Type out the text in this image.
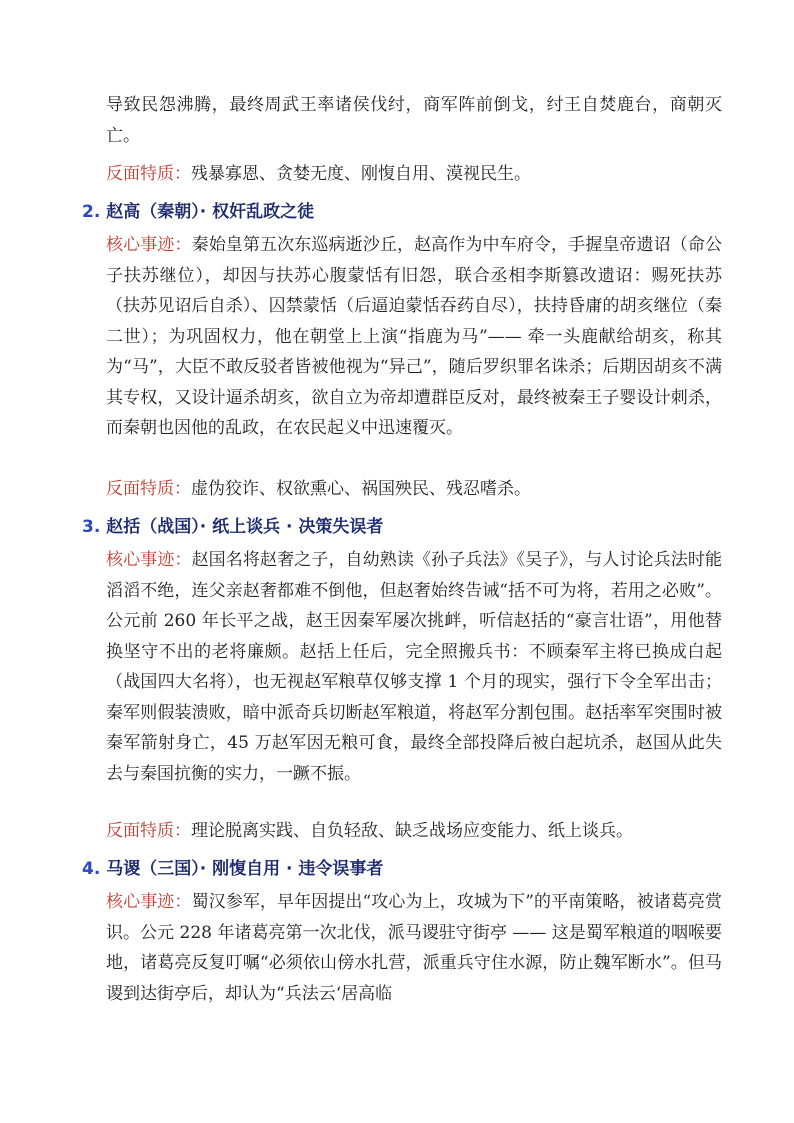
导致民怨沸腾，最终周武王率诸侯伐纣，商军阵前倒戈，纣王自焚鹿台，商朝灭亡。

反面特质：残暴寡恩、贪婪无度、刚愎自用、漠视民生。

2. 赵高（秦朝）· 权奸乱政之徒

核心事迹：秦始皇第五次东巡病逝沙丘，赵高作为中车府令，手握皇帝遗诏（命公子扶苏继位），却因与扶苏心腹蒙恬有旧怨，联合丞相李斯篡改遗诏：赐死扶苏（扶苏见诏后自杀）、囚禁蒙恬（后逼迫蒙恬吞药自尽），扶持昏庸的胡亥继位（秦二世）；为巩固权力，他在朝堂上上演“指鹿为马”—— 牵一头鹿献给胡亥，称其为“马”，大臣不敢反驳者皆被他视为“异己”，随后罗织罪名诛杀；后期因胡亥不满其专权，又设计逼杀胡亥，欲自立为帝却遭群臣反对，最终被秦王子婴设计刺杀，而秦朝也因他的乱政，在农民起义中迅速覆灭。

反面特质：虚伪狡诈、权欲熏心、祸国殃民、残忍嗜杀。

3. 赵括（战国）· 纸上谈兵 · 决策失误者

核心事迹：赵国名将赵奢之子，自幼熟读《孙子兵法》《吴子》，与人讨论兵法时能滔滔不绝，连父亲赵奢都难不倒他，但赵奢始终告诫“括不可为将，若用之必败”。公元前 260 年长平之战，赵王因秦军屡次挑衅，听信赵括的“豪言壮语”，用他替换坚守不出的老将廉颇。赵括上任后，完全照搬兵书：不顾秦军主将已换成白起（战国四大名将），也无视赵军粮草仅够支撑 1 个月的现实，强行下令全军出击；秦军则假装溃败，暗中派奇兵切断赵军粮道，将赵军分割包围。赵括率军突围时被秦军箭射身亡，45 万赵军因无粮可食，最终全部投降后被白起坑杀，赵国从此失去与秦国抗衡的实力，一蹶不振。

反面特质：理论脱离实践、自负轻敌、缺乏战场应变能力、纸上谈兵。

4. 马谡（三国）· 刚愎自用 · 违令误事者

核心事迹：蜀汉参军，早年因提出“攻心为上，攻城为下”的平南策略，被诸葛亮赏识。公元 228 年诸葛亮第一次北伐，派马谡驻守街亭 —— 这是蜀军粮道的咽喉要地，诸葛亮反复叮嘱“必须依山傍水扎营，派重兵守住水源，防止魏军断水”。但马谡到达街亭后，却认为“兵法云‘居高临
